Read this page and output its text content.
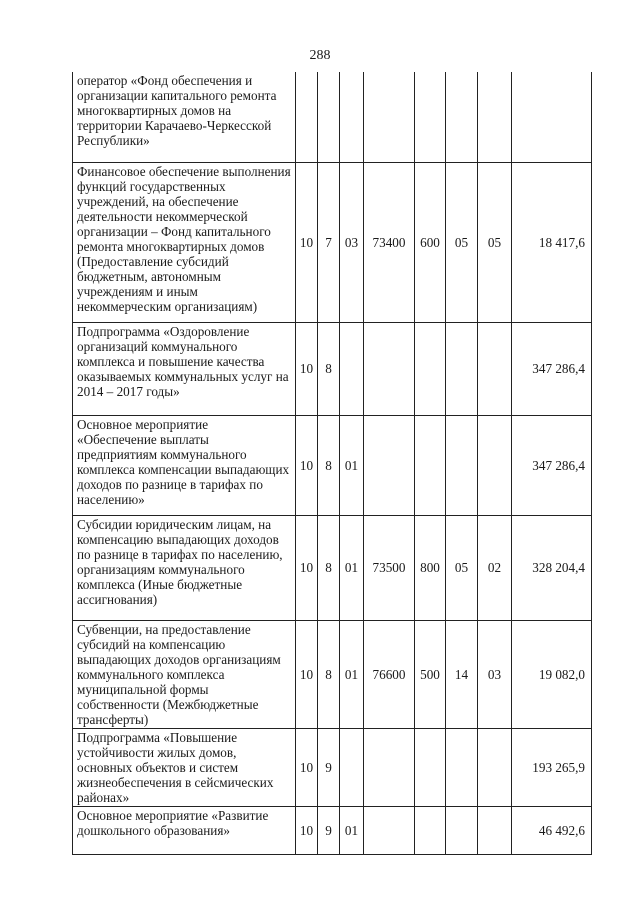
288
оператор «Фонд обеспечения и организации капитального ремонта многоквартирных домов на территории Карачаево-Черкесской Республики»								
Финансовое обеспечение выполнения функций государственных учреждений, на обеспечение деятельности некоммерческой организации – Фонд капитального ремонта многоквартирных домов (Предоставление субсидий бюджетным, автономным учреждениям и иным некоммерческим организациям)	10	7	03	73400	600	05	05	18 417,6
Подпрограмма «Оздоровление организаций коммунального комплекса и повышение качества оказываемых коммунальных услуг на 2014 – 2017 годы»	10	8						347 286,4
Основное мероприятие «Обеспечение выплаты предприятиям коммунального комплекса компенсации выпадающих доходов по разнице в тарифах по населению»	10	8	01					347 286,4
Субсидии юридическим лицам, на компенсацию выпадающих доходов по разнице в тарифах по населению, организациям коммунального комплекса (Иные бюджетные ассигнования)	10	8	01	73500	800	05	02	328 204,4
Субвенции, на предоставление субсидий на компенсацию выпадающих доходов организациям коммунального комплекса муниципальной формы собственности (Межбюджетные трансферты)	10	8	01	76600	500	14	03	19 082,0
Подпрограмма «Повышение устойчивости жилых домов, основных объектов и систем жизнеобеспечения в сейсмических районах»	10	9						193 265,9
Основное мероприятие «Развитие дошкольного образования»	10	9	01					46 492,6
